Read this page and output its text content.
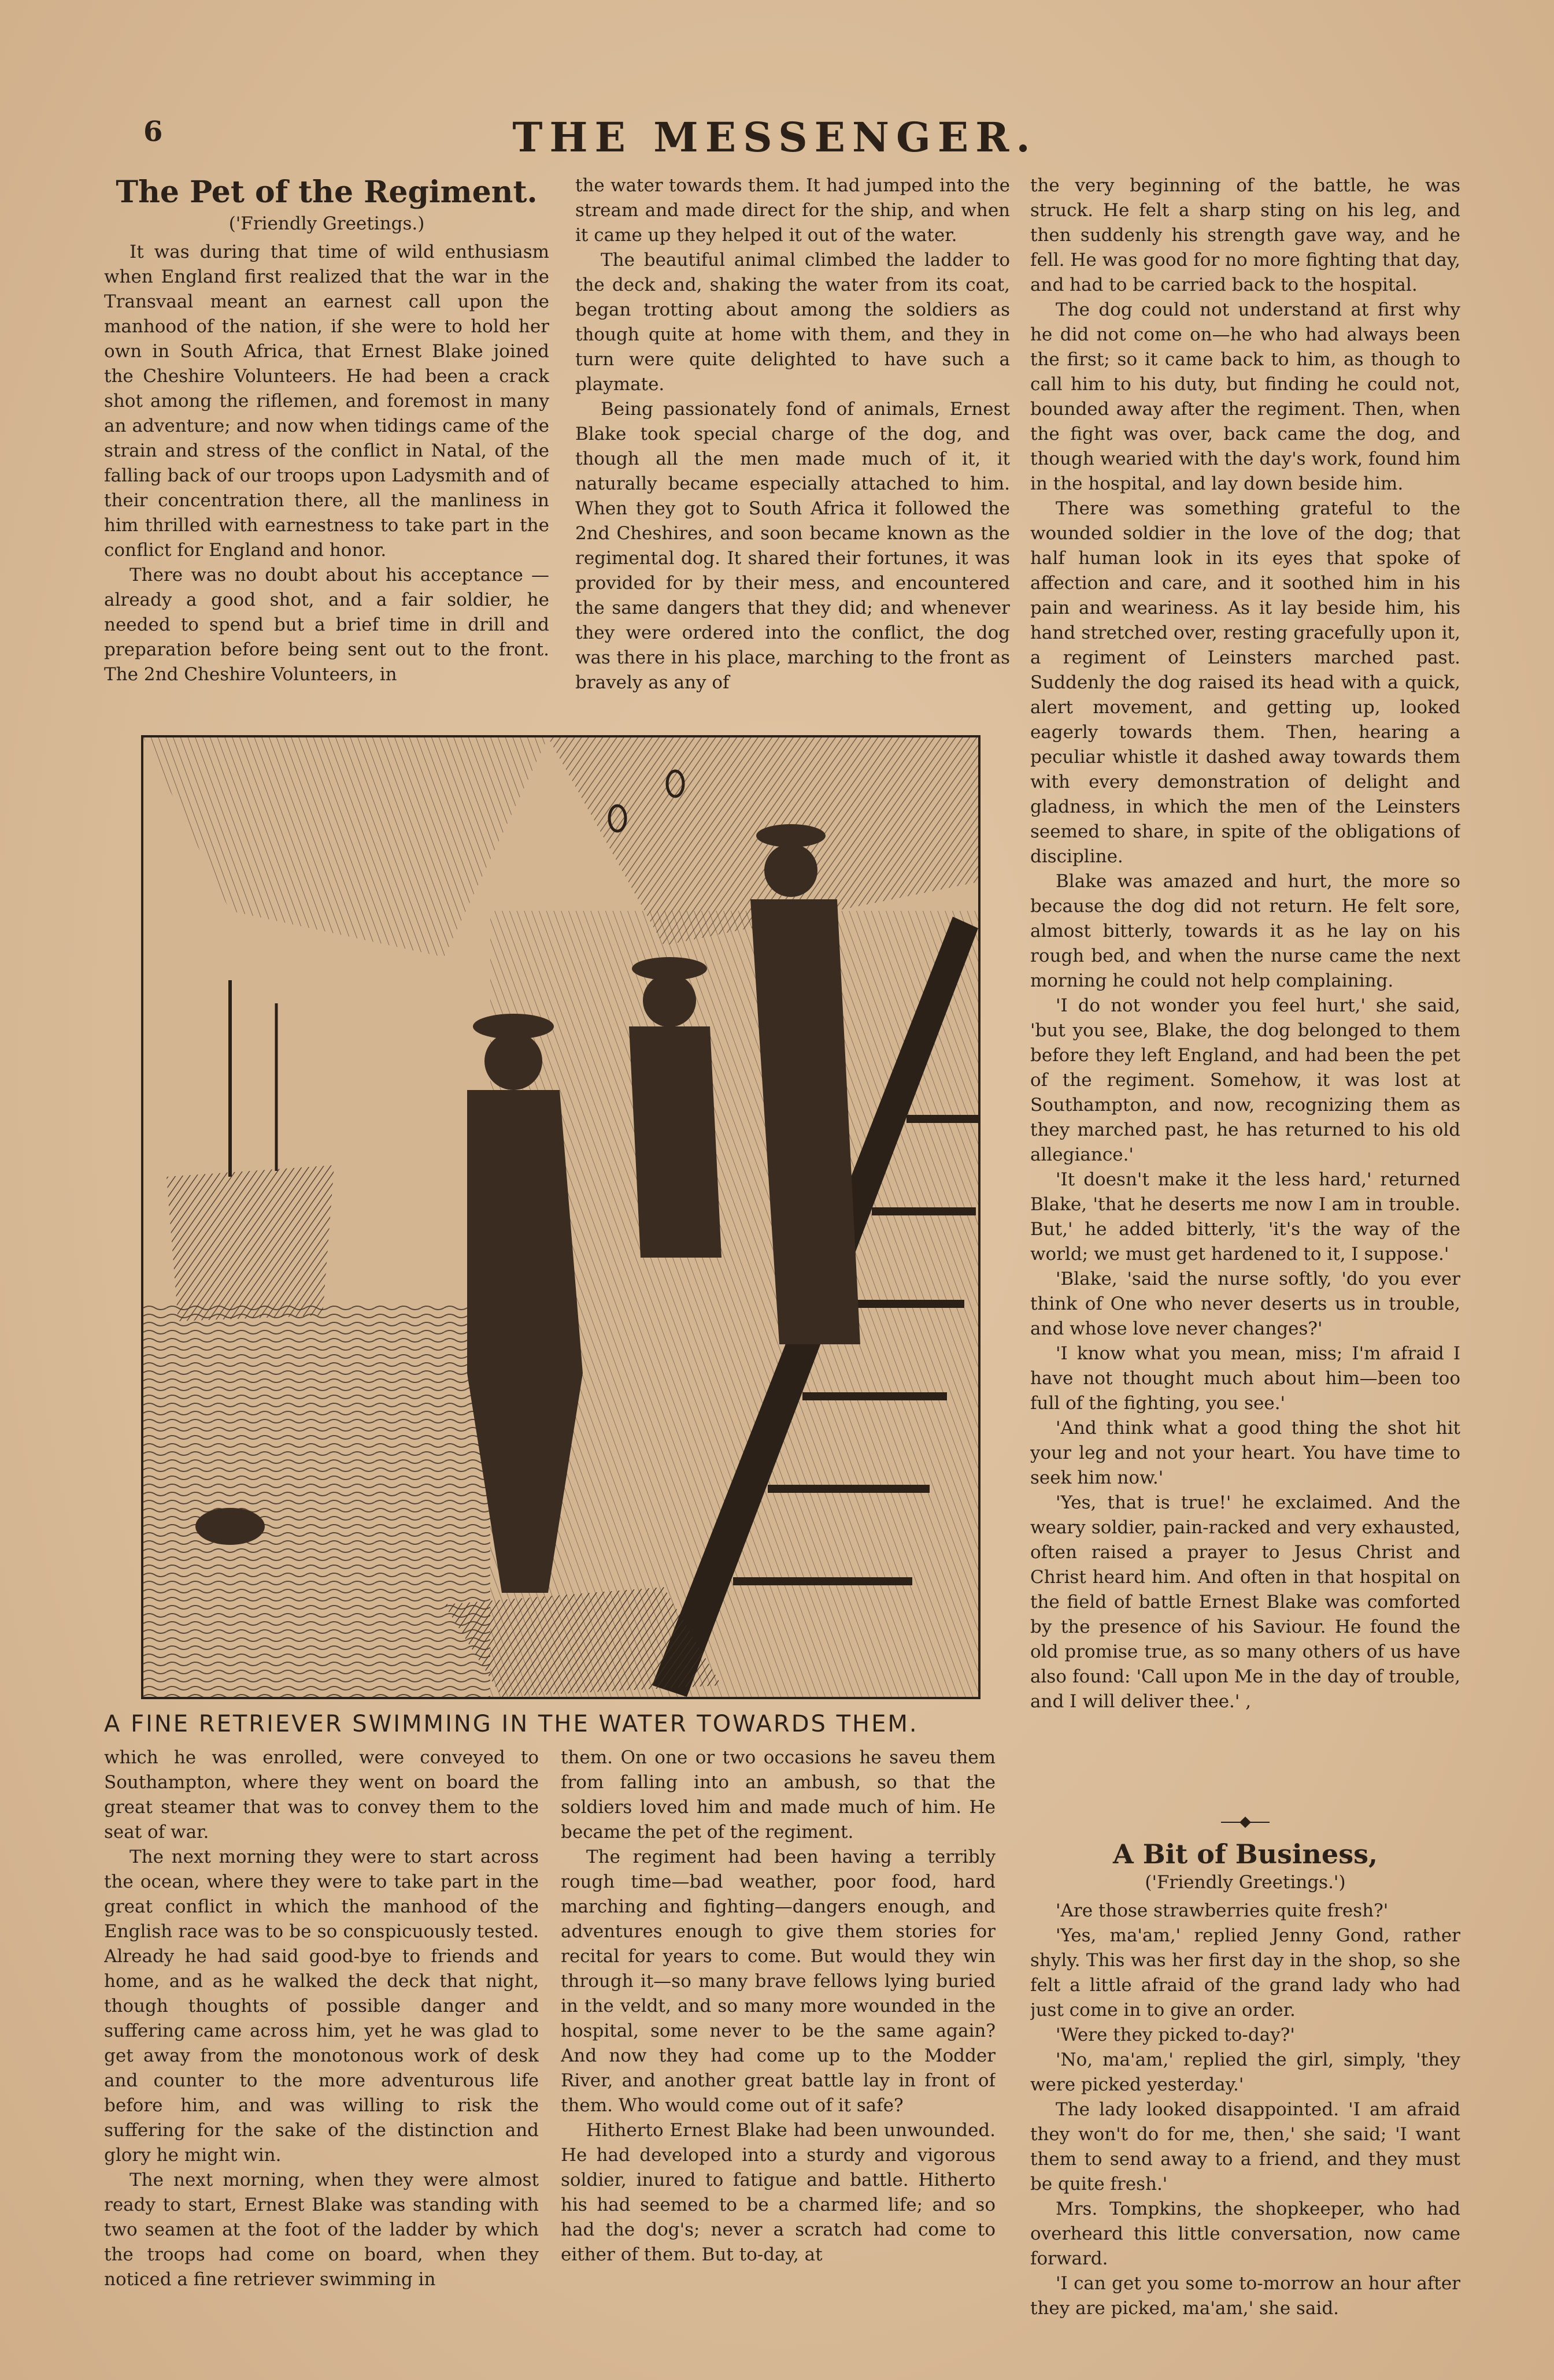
6	THE MESSENGER.
The Pet of the Regiment.
('Friendly Greetings.)

It was during that time of wild enthusiasm when England first realized that the war in the Transvaal meant an earnest call upon the manhood of the nation, if she were to hold her own in South Africa, that Ernest Blake joined the Cheshire Volunteers. He had been a crack shot among the riflemen, and foremost in many an adventure; and now when tidings came of the strain and stress of the conflict in Natal, of the falling back of our troops upon Ladysmith and of their concentration there, all the manliness in him thrilled with earnestness to take part in the conflict for England and honor.

There was no doubt about his acceptance —already a good shot, and a fair soldier, he needed to spend but a brief time in drill and preparation before being sent out to the front. The 2nd Cheshire Volunteers, in

the water towards them. It had jumped into the stream and made direct for the ship, and when it came up they helped it out of the water.

The beautiful animal climbed the ladder to the deck and, shaking the water from its coat, began trotting about among the soldiers as though quite at home with them, and they in turn were quite delighted to have such a playmate.

Being passionately fond of animals, Ernest Blake took special charge of the dog, and though all the men made much of it, it naturally became especially attached to him. When they got to South Africa it followed the 2nd Cheshires, and soon became known as the regimental dog. It shared their fortunes, it was provided for by their mess, and encountered the same dangers that they did; and whenever they were ordered into the conflict, the dog was there in his place, marching to the front as bravely as any of

the very beginning of the battle, he was struck. He felt a sharp sting on his leg, and then suddenly his strength gave way, and he fell. He was good for no more fighting that day, and had to be carried back to the hospital.

The dog could not understand at first why he did not come on—he who had always been the first; so it came back to him, as though to call him to his duty, but finding he could not, bounded away after the regiment. Then, when the fight was over, back came the dog, and though wearied with the day's work, found him in the hospital, and lay down beside him.

There was something grateful to the wounded soldier in the love of the dog; that half human look in its eyes that spoke of affection and care, and it soothed him in his pain and weariness. As it lay beside him, his hand stretched over, resting gracefully upon it, a regiment of Leinsters marched past. Suddenly the dog raised its head with a quick, alert movement, and getting up, looked eagerly towards them. Then, hearing a peculiar whistle it dashed away towards them with every demonstration of delight and gladness, in which the men of the Leinsters seemed to share, in spite of the obligations of discipline.

Blake was amazed and hurt, the more so because the dog did not return. He felt sore, almost bitterly, towards it as he lay on his rough bed, and when the nurse came the next morning he could not help complaining.

'I do not wonder you feel hurt,' she said, 'but you see, Blake, the dog belonged to them before they left England, and had been the pet of the regiment. Somehow, it was lost at Southampton, and now, recognizing them as they marched past, he has returned to his old allegiance.'

'It doesn't make it the less hard,' returned Blake, 'that he deserts me now I am in trouble. But,' he added bitterly, 'it's the way of the world; we must get hardened to it, I suppose.'

'Blake, 'said the nurse softly, 'do you ever think of One who never deserts us in trouble, and whose love never changes?'

'I know what you mean, miss; I'm afraid I have not thought much about him—been too full of the fighting, you see.'

'And think what a good thing the shot hit your leg and not your heart. You have time to seek him now.'

'Yes, that is true!' he exclaimed. And the weary soldier, pain-racked and very exhausted, often raised a prayer to Jesus Christ and Christ heard him. And often in that hospital on the field of battle Ernest Blake was comforted by the presence of his Saviour. He found the old promise true, as so many others of us have also found: 'Call upon Me in the day of trouble, and I will deliver thee.' ,

A Bit of Business,
('Friendly Greetings.')

'Are those strawberries quite fresh?'

'Yes, ma'am,' replied Jenny Gond, rather shyly. This was her first day in the shop, so she felt a little afraid of the grand lady who had just come in to give an order.

'Were they picked to-day?'

'No, ma'am,' replied the girl, simply, 'they were picked yesterday.'

The lady looked disappointed. 'I am afraid they won't do for me, then,' she said; 'I want them to send away to a friend, and they must be quite fresh.'

Mrs. Tompkins, the shopkeeper, who had overheard this little conversation, now came forward.

'I can get you some to-morrow an hour after they are picked, ma'am,' she said.

A FINE RETRIEVER SWIMMING IN THE WATER TOWARDS THEM.

which he was enrolled, were conveyed to Southampton, where they went on board the great steamer that was to convey them to the seat of war.

The next morning they were to start across the ocean, where they were to take part in the great conflict in which the manhood of the English race was to be so conspicuously tested. Already he had said good-bye to friends and home, and as he walked the deck that night, though thoughts of possible danger and suffering came across him, yet he was glad to get away from the monotonous work of desk and counter to the more adventurous life before him, and was willing to risk the suffering for the sake of the distinction and glory he might win.

The next morning, when they were almost ready to start, Ernest Blake was standing with two seamen at the foot of the ladder by which the troops had come on board, when they noticed a fine retriever swimming in

them. On one or two occasions he saveu them from falling into an ambush, so that the soldiers loved him and made much of him. He became the pet of the regiment.

The regiment had been having a terribly rough time—bad weather, poor food, hard marching and fighting—dangers enough, and adventures enough to give them stories for recital for years to come. But would they win through it—so many brave fellows lying buried in the veldt, and so many more wounded in the hospital, some never to be the same again? And now they had come up to the Modder River, and another great battle lay in front of them. Who would come out of it safe?

Hitherto Ernest Blake had been unwounded. He had developed into a sturdy and vigorous soldier, inured to fatigue and battle. Hitherto his had seemed to be a charmed life; and so had the dog's; never a scratch had come to either of them. But to-day, at
